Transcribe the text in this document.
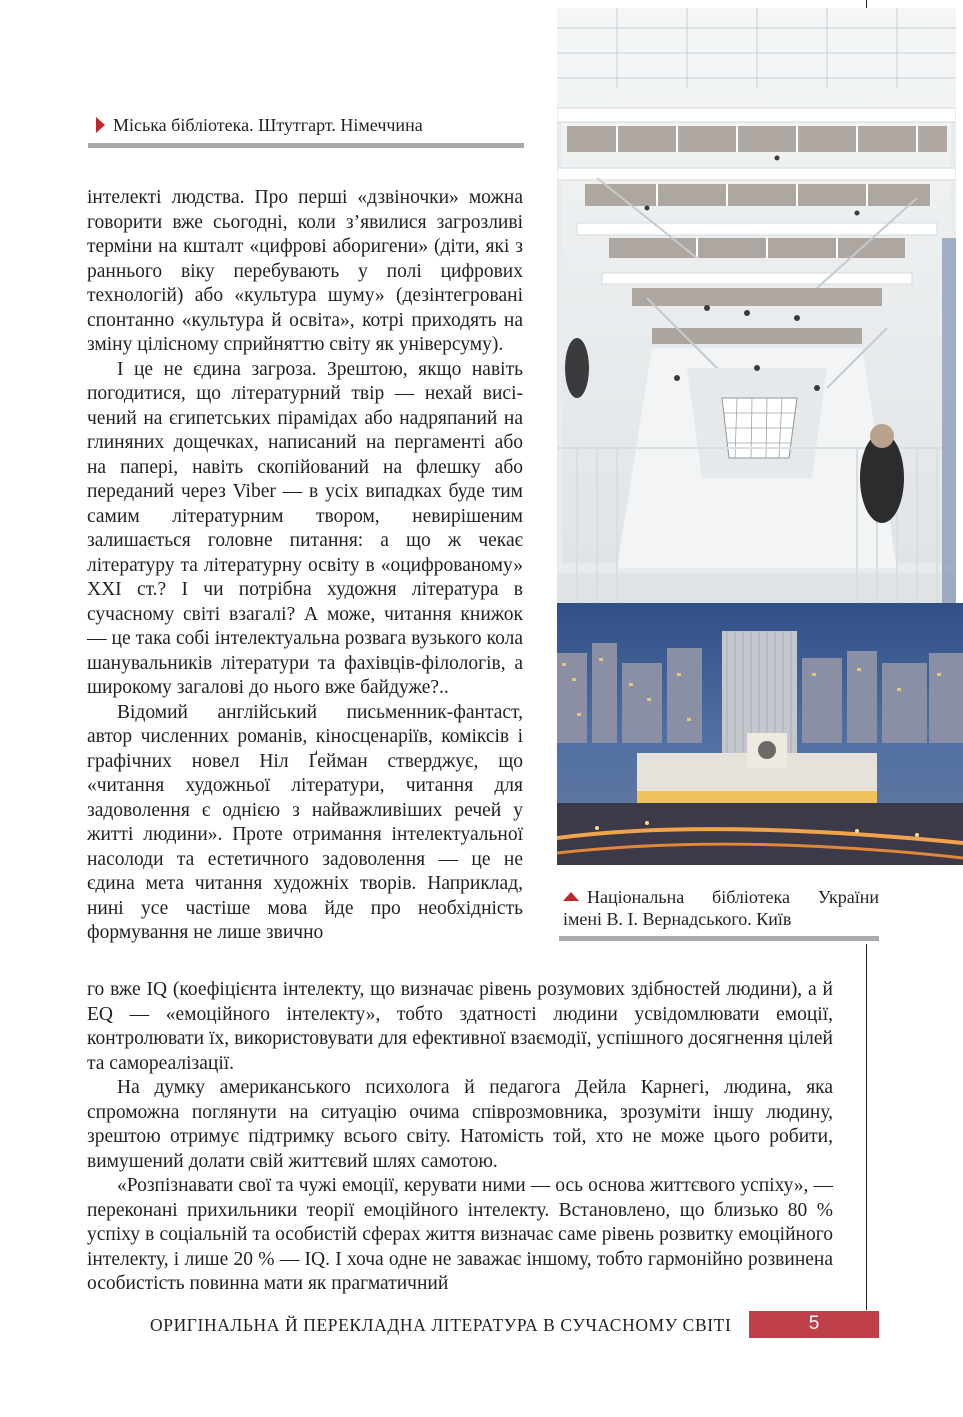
Міська бібліотека. Штутгарт. Німеччина
Національна бібліотека України
імені В. І. Вернадського. Київ

інтелекті людства. Про перші «дзвіночки» можна говорити вже сьогодні, коли з’явилися загрозливі терміни на кшталт «цифрові аборигени» (діти, які з раннього віку перебувають у полі цифрових технологій) або «культура шуму» (дезінтегровані спонтанно «культура й освіта», котрі приходять на зміну цілісному сприйняттю світу як універсуму).

І це не єдина загроза. Зрештою, якщо навіть погодитися, що літературний твір — нехай висічений на єгипетських пірамідах або надряпаний на глиняних дощечках, написаний на пергаменті або на папері, навіть скопійований на флешку або переданий через Viber — в усіх випадках буде тим самим літературним твором, невирішеним залишається головне питання: а що ж чекає літературу та літературну освіту в «оцифрованому» XXI ст.? І чи потрібна художня література в сучасному світі взагалі? А може, читання книжок — це така собі інтелектуальна розвага вузького кола шанувальників літератури та фахівців-філологів, а широкому загалові до нього вже байдуже?..

Відомий англійський письменник-фантаст, автор численних романів, кіносценаріїв, коміксів і графічних новел Ніл Ґейман стверджує, що «читання художньої літератури, читання для задоволення є однією з найважливіших речей у житті людини». Проте отримання інтелектуальної насолоди та естетичного задоволення — це не єдина мета читання художніх творів. Наприклад, нині усе частіше мова йде про необхідність формування не лише звично

го вже IQ (коефіцієнта інтелекту, що визначає рівень розумових здібностей людини), а й EQ — «емоційного інтелекту», тобто здатності людини усвідомлювати емоції, контролювати їх, використовувати для ефективної взаємодії, успішного досягнення цілей та самореалізації.

На думку американського психолога й педагога Дейла Карнегі, людина, яка спроможна поглянути на ситуацію очима співрозмовника, зрозуміти іншу людину, зрештою отримує підтримку всього світу. Натомість той, хто не може цього робити, вимушений долати свій життєвий шлях самотою.

«Розпізнавати свої та чужі емоції, керувати ними — ось основа життєвого успіху», — переконані прихильники теорії емоційного інтелекту. Встановлено, що близько 80 % успіху в соціальній та особистій сферах життя визначає саме рівень розвитку емоційного інтелекту, і лише 20 % — IQ. І хоча одне не заважає іншому, тобто гармонійно розвинена особистість повинна мати як прагматичний

ОРИГІНАЛЬНА Й ПЕРЕКЛАДНА ЛІТЕРАТУРА В СУЧАСНОМУ СВІТІ	5
